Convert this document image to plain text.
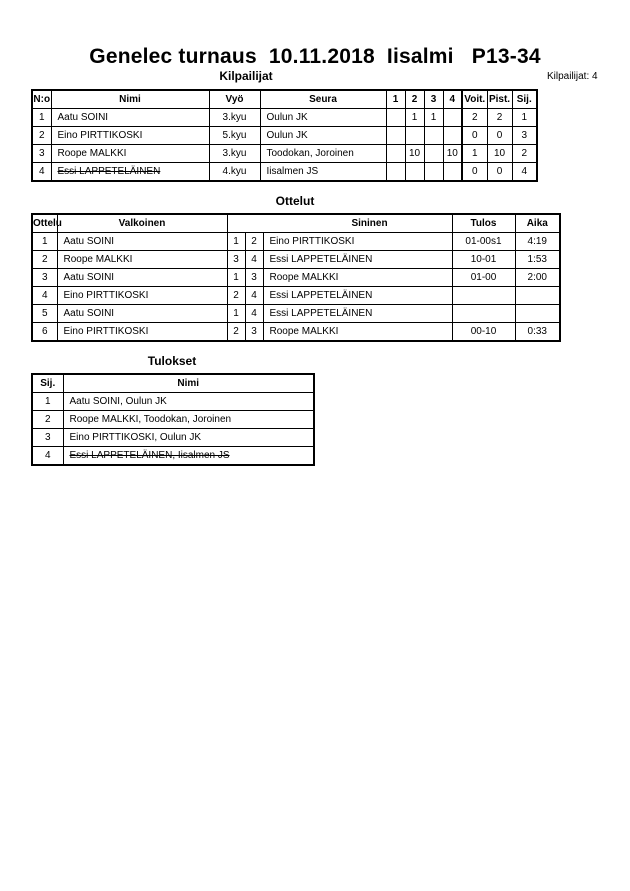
Genelec turnaus  10.11.2018  Iisalmi   P13-34
Kilpailijat	Kilpailijat: 4
N:o	Nimi	Vyö	Seura	1	2	3	4	Voit.	Pist.	Sij.
1	Aatu SOINI	3.kyu	Oulun JK		1	1		2	2	1
2	Eino PIRTTIKOSKI	5.kyu	Oulun JK					0	0	3
3	Roope MALKKI	3.kyu	Toodokan, Joroinen		10		10	1	10	2
4	Essi LAPPETELÄINEN	4.kyu	Iisalmen JS					0	0	4
Ottelut
Ottelu	Valkoinen	Sininen			Tulos	Aika
1	Aatu SOINI	1	2	Eino PIRTTIKOSKI	01-00s1	4:19
2	Roope MALKKI	3	4	Essi LAPPETELÄINEN	10-01	1:53
3	Aatu SOINI	1	3	Roope MALKKI	01-00	2:00
4	Eino PIRTTIKOSKI	2	4	Essi LAPPETELÄINEN		
5	Aatu SOINI	1	4	Essi LAPPETELÄINEN		
6	Eino PIRTTIKOSKI	2	3	Roope MALKKI	00-10	0:33
Tulokset
Sij.	Nimi
1	Aatu SOINI, Oulun JK
2	Roope MALKKI, Toodokan, Joroinen
3	Eino PIRTTIKOSKI, Oulun JK
4	Essi LAPPETELÄINEN, Iisalmen JS
